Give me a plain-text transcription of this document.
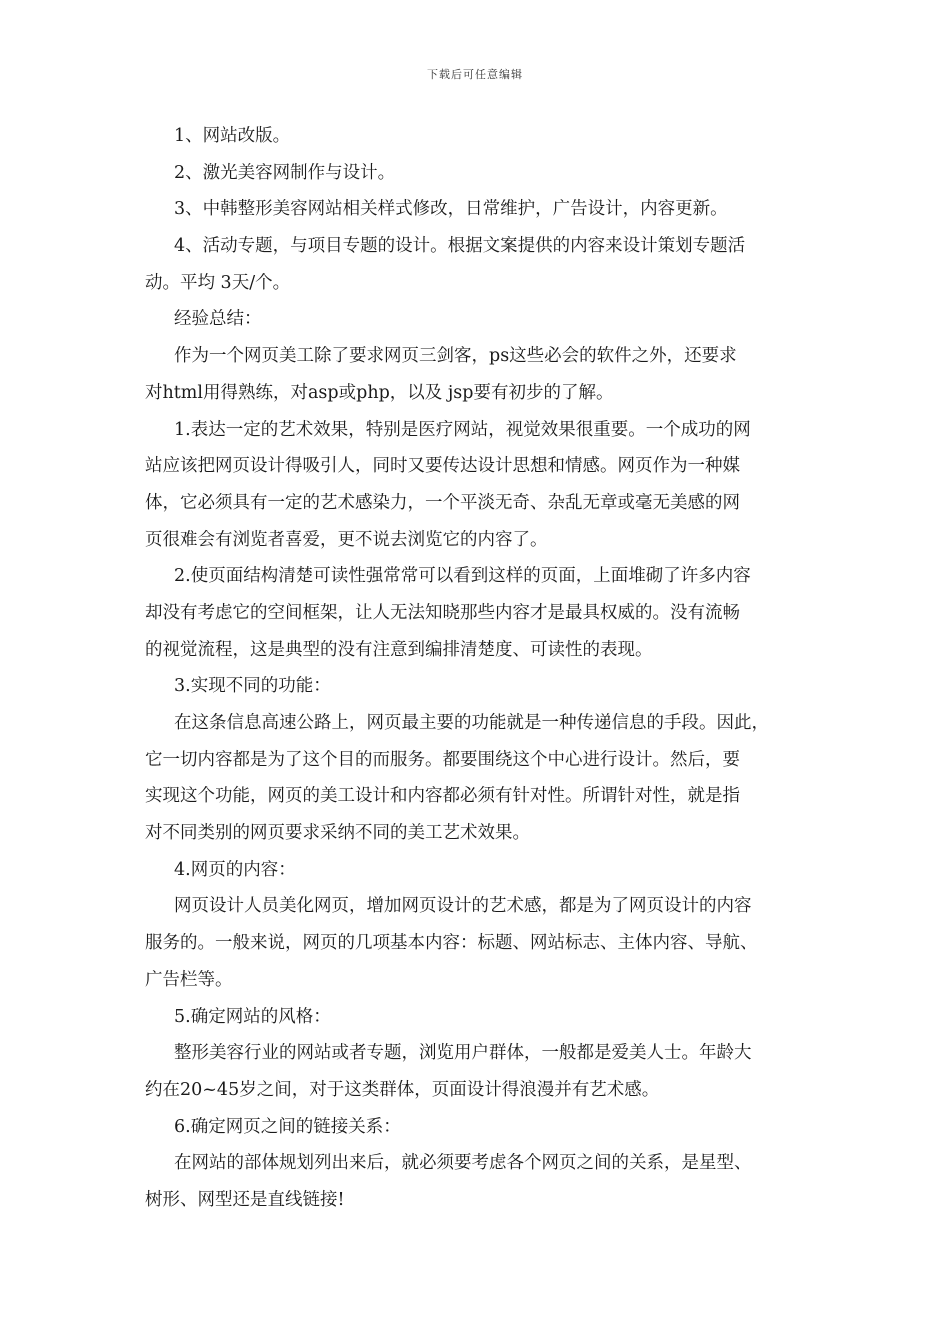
下载后可任意编辑
1、网站改版。
2、激光美容网制作与设计。
3、中韩整形美容网站相关样式修改，日常维护，广告设计，内容更新。
4、活动专题，与项目专题的设计。根据文案提供的内容来设计策划专题活
动。平均 3天/个。
经验总结：
作为一个网页美工除了要求网页三剑客，ps这些必会的软件之外，还要求
对html用得熟练，对asp或php，以及 jsp要有初步的了解。
1.表达一定的艺术效果，特别是医疗网站，视觉效果很重要。一个成功的网
站应该把网页设计得吸引人，同时又要传达设计思想和情感。网页作为一种媒
体，它必须具有一定的艺术感染力，一个平淡无奇、杂乱无章或毫无美感的网
页很难会有浏览者喜爱，更不说去浏览它的内容了。
2.使页面结构清楚可读性强常常可以看到这样的页面，上面堆砌了许多内容
却没有考虑它的空间框架，让人无法知晓那些内容才是最具权威的。没有流畅
的视觉流程，这是典型的没有注意到编排清楚度、可读性的表现。
3.实现不同的功能：
在这条信息高速公路上，网页最主要的功能就是一种传递信息的手段。因此，
它一切内容都是为了这个目的而服务。都要围绕这个中心进行设计。然后，要
实现这个功能，网页的美工设计和内容都必须有针对性。所谓针对性，就是指
对不同类别的网页要求采纳不同的美工艺术效果。
4.网页的内容：
网页设计人员美化网页，增加网页设计的艺术感，都是为了网页设计的内容
服务的。一般来说，网页的几项基本内容：标题、网站标志、主体内容、导航、
广告栏等。
5.确定网站的风格：
整形美容行业的网站或者专题，浏览用户群体，一般都是爱美人士。年龄大
约在20~45岁之间，对于这类群体，页面设计得浪漫并有艺术感。
6.确定网页之间的链接关系：
在网站的部体规划列出来后，就必须要考虑各个网页之间的关系，是星型、
树形、网型还是直线链接!
